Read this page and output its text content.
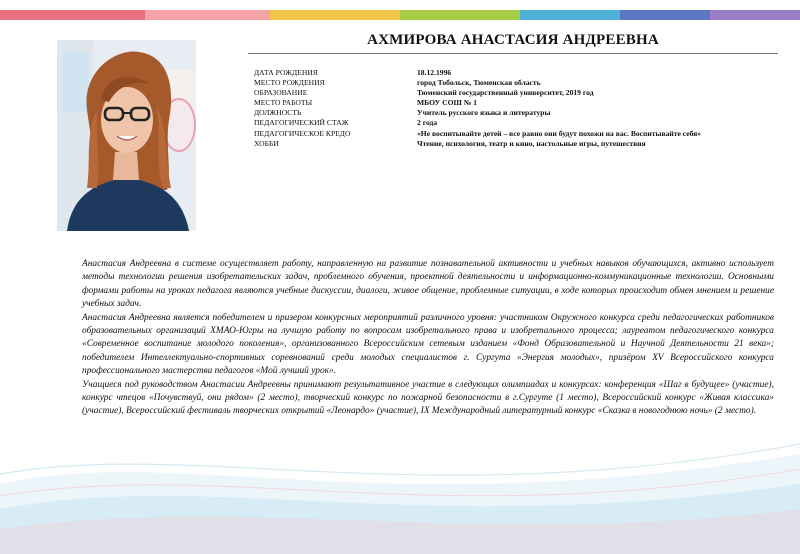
АХМИРОВА АНАСТАСИЯ АНДРЕЕВНА
ДАТА РОЖДЕНИЯ	18.12.1996
МЕСТО РОЖДЕНИЯ	город Тобольск, Тюменская область
ОБРАЗОВАНИЕ	Тюменский государственный университет, 2019 год
МЕСТО РАБОТЫ	МБОУ СОШ № 1
ДОЛЖНОСТЬ	Учитель русского языка и литературы
ПЕДАГОГИЧЕСКИЙ СТАЖ	2 года
ПЕДАГОГИЧЕСКОЕ КРЕДО	«Не воспитывайте детей – все равно они будут похожи на вас. Воспитывайте себя»
ХОББИ	Чтение, психология, театр и кино, настольные игры, путешествия

Анастасия Андреевна в системе осуществляет работу, направленную на развитие познавательной активности и учебных навыков обучающихся, активно использует методы технологии решения изобретательских задач, проблемного обучения, проектной деятельности и информационно-коммуникационные технологии. Основными формами работы на уроках педагога являются учебные дискуссии, диалоги, живое общение, проблемные ситуации, в ходе которых происходит обмен мнением и решение учебных задач.

Анастасия Андреевна является победителем и призером конкурсных мероприятий различного уровня: участником Окружного конкурса среди педагогических работников образовательных организаций ХМАО-Югры на лучшую работу по вопросам изобретального права и изобретального процесса; лауреатом педагогического конкурса «Современное воспитание молодого поколения», организованного Всероссийским сетевым изданием «Фонд Образовательной и Научной Деятельности 21 века»; победителем Интеллектуально-спортивных соревнований среди молодых специалистов г. Сургута «Энергия молодых», призёром XV Всероссийского конкурса профессионального мастерства педагогов «Мой лучший урок».

Учащиеся под руководством Анастасии Андреевны принимают результативное участие в следующих олимпиадах и конкурсах: конференция «Шаг в будущее» (участие), конкурс чтецов «Почувствуй, они рядом» (2 место), творческий конкурс по пожарной безопасности в г.Сургуте (1 место), Всероссийский конкурс «Живая классика» (участие), Всероссийский фестиваль творческих открытий «Леонардо» (участие), IX Международный литературный конкурс «Сказка в новогоднюю ночь» (2 место).
